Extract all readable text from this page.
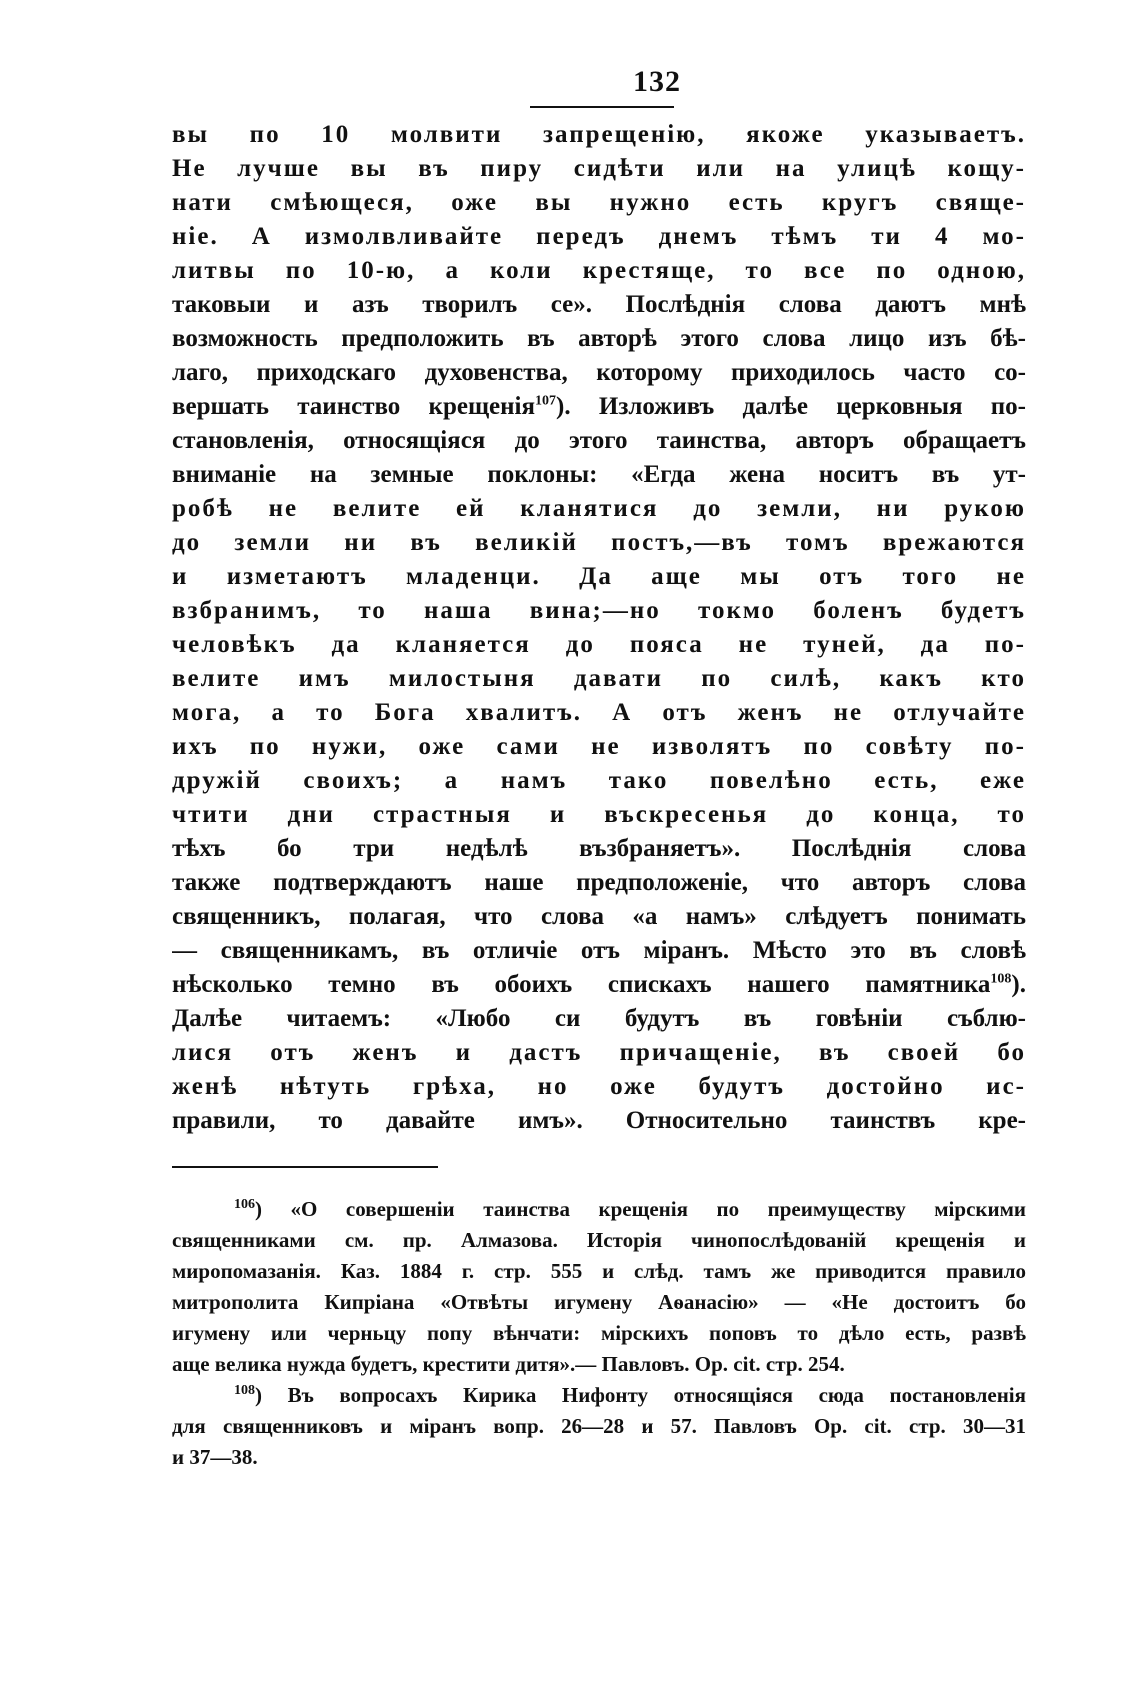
132
вы по 10 молвити запрещенію, якоже указываетъ.
Не лучше вы въ пиру сидѣти или на улицѣ кощу-
нати смѣющеся, оже вы нужно есть кругъ свяще-
ніе. А измолвливайте передъ днемъ тѣмъ ти 4 мо-
литвы по 10-ю, а коли крестяще, то все по одною,
таковыи и азъ творилъ се». Послѣднія слова даютъ мнѣ
возможность предположить въ авторѣ этого слова лицо изъ бѣ-
лаго, приходскаго духовенства, которому приходилось часто со-
вершать таинство крещенія$^{107}$). Изложивъ далѣе церковныя по-
становленія, относящіяся до этого таинства, авторъ обращаетъ
вниманіе на земные поклоны: «Егда жена носитъ въ ут-
робѣ не велите ей кланятися до земли, ни рукою
до земли ни въ великій постъ,—въ томъ врежаются
и изметаютъ младенци. Да аще мы отъ того не
взбранимъ, то наша вина;—но токмо боленъ будетъ
человѣкъ да кланяется до пояса не туней, да по-
велите имъ милостыня давати по силѣ, какъ кто
мога, а то Бога хвалитъ. А отъ женъ не отлучайте
ихъ по нужи, оже сами не изволятъ по совѣту по-
дружій своихъ; а намъ тако повелѣно есть, еже
чтити дни страстныя и въскресенья до конца, то
тѣхъ бо три недѣлѣ възбраняетъ». Послѣднія слова
также подтверждаютъ наше предположеніе, что авторъ слова
священникъ, полагая, что слова «а намъ» слѣдуетъ понимать
— священникамъ, въ отличіе отъ міранъ. Мѣсто это въ словѣ
нѣсколько темно въ обоихъ спискахъ нашего памятника$^{108}$).
Далѣе читаемъ: «Любо си будутъ въ говѣніи съблю-
лися отъ женъ и дастъ причащеніе, въ своей бо
женѣ нѣтуть грѣха, но оже будутъ достойно ис-
правили, то давайте имъ». Относительно таинствъ кре-
$^{106}$) «О совершеніи таинства крещенія по преимуществу мірскими
священниками см. пр. Алмазова. Исторія чинопослѣдованій крещенія и
миропомазанія. Каз. 1884 г. стр. 555 и слѣд. тамъ же приводится правило
митрополита Кипріана «Отвѣты игумену Аѳанасію» — «Не достоитъ бо
игумену или черньцу попу вѣнчати: мірскихъ поповъ то дѣло есть, развѣ
аще велика нужда будетъ, крестити дитя».— Павловъ. Op. cit. стр. 254.
$^{108}$) Въ вопросахъ Кирика Нифонту относящіяся сюда постановленія
для священниковъ и міранъ вопр. 26—28 и 57. Павловъ Op. cit. стр. 30—31
и 37—38.
